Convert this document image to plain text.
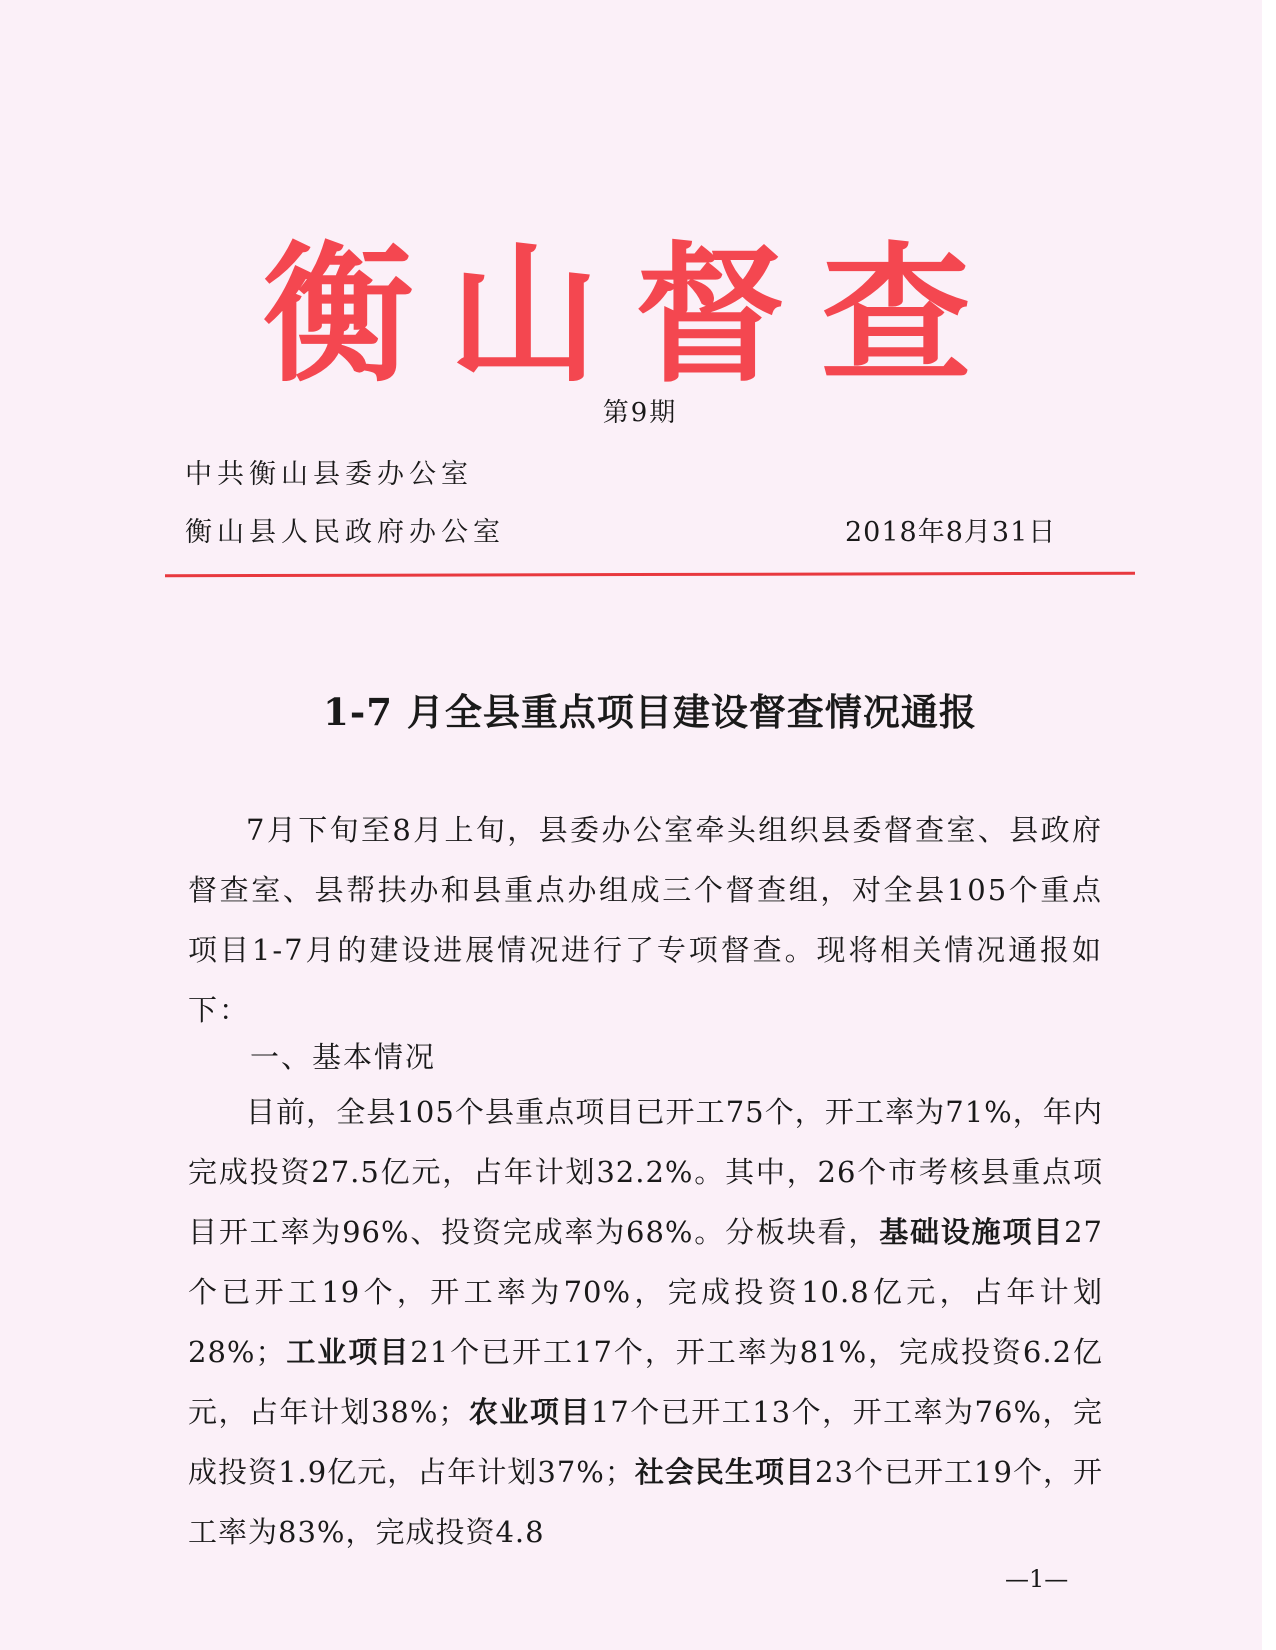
衡山督查
第9期
中共衡山县委办公室
衡山县人民政府办公室	2018年8月31日
1-7 月全县重点项目建设督查情况通报

7月下旬至8月上旬，县委办公室牵头组织县委督查室、县政府督查室、县帮扶办和县重点办组成三个督查组，对全县105个重点项目1-7月的建设进展情况进行了专项督查。现将相关情况通报如下：

一、基本情况

目前，全县105个县重点项目已开工75个，开工率为71%，年内完成投资27.5亿元，占年计划32.2%。其中，26个市考核县重点项目开工率为96%、投资完成率为68%。分板块看，基础设施项目27个已开工19个，开工率为70%，完成投资10.8亿元，占年计划28%；工业项目21个已开工17个，开工率为81%，完成投资6.2亿元，占年计划38%；农业项目17个已开工13个，开工率为76%，完成投资1.9亿元，占年计划37%；社会民生项目23个已开工19个，开工率为83%，完成投资4.8

—1—
